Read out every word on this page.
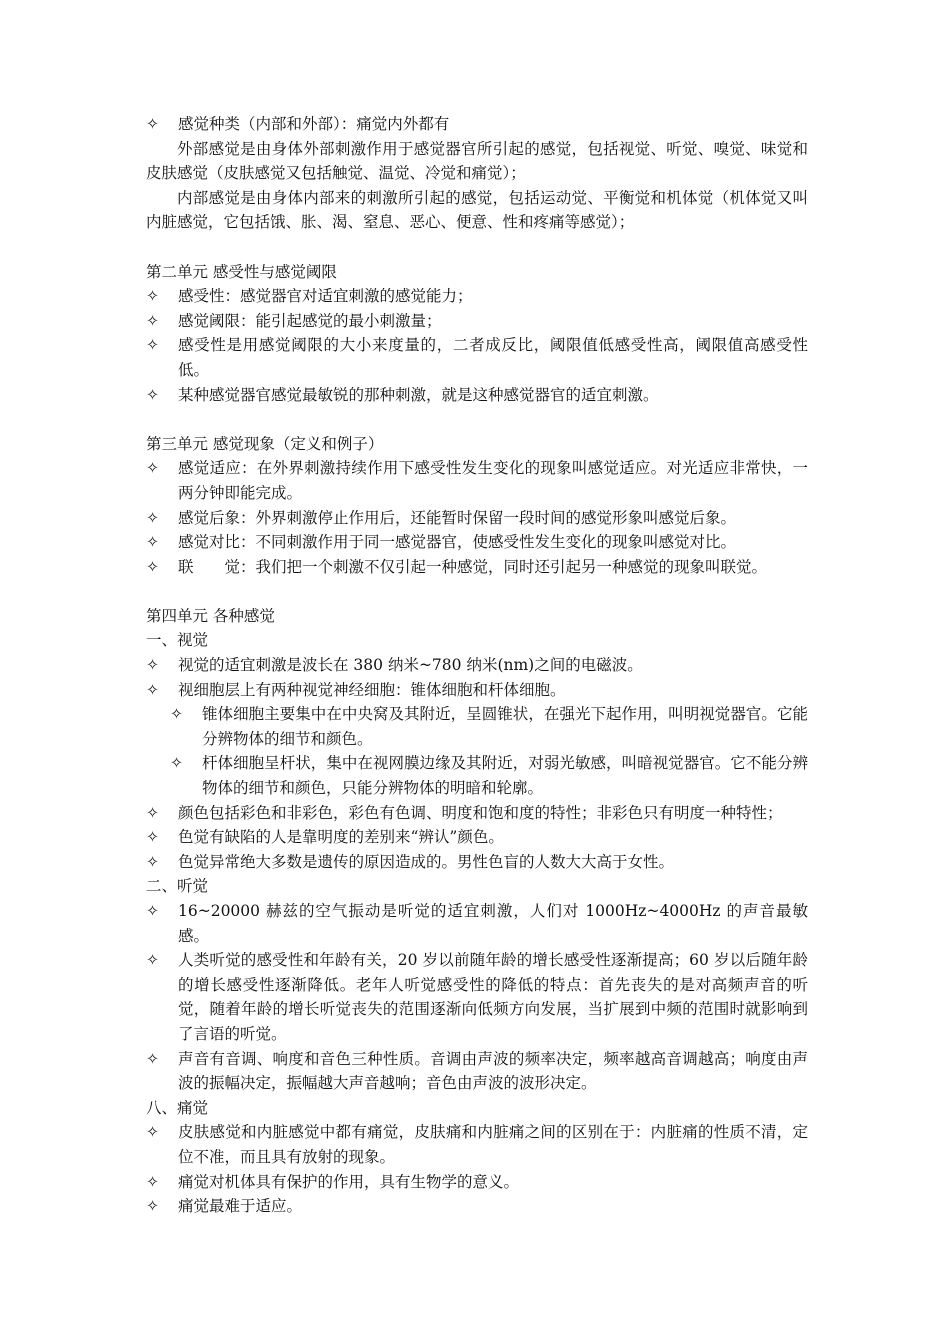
✧	感觉种类（内部和外部）：痛觉内外都有
外部感觉是由身体外部刺激作用于感觉器官所引起的感觉，包括视觉、听觉、嗅觉、味觉和皮肤感觉（皮肤感觉又包括触觉、温觉、冷觉和痛觉）；
内部感觉是由身体内部来的刺激所引起的感觉，包括运动觉、平衡觉和机体觉（机体觉又叫内脏感觉，它包括饿、胀、渴、窒息、恶心、便意、性和疼痛等感觉）；
第二单元 感受性与感觉阈限
✧	感受性：感觉器官对适宜刺激的感觉能力；
✧	感觉阈限：能引起感觉的最小刺激量；
✧	感受性是用感觉阈限的大小来度量的，二者成反比，阈限值低感受性高，阈限值高感受性低。
✧	某种感觉器官感觉最敏锐的那种刺激，就是这种感觉器官的适宜刺激。
第三单元 感觉现象（定义和例子）
✧	感觉适应：在外界刺激持续作用下感受性发生变化的现象叫感觉适应。对光适应非常快，一两分钟即能完成。
✧	感觉后象：外界刺激停止作用后，还能暂时保留一段时间的感觉形象叫感觉后象。
✧	感觉对比：不同刺激作用于同一感觉器官，使感受性发生变化的现象叫感觉对比。
✧	联　　觉：我们把一个刺激不仅引起一种感觉，同时还引起另一种感觉的现象叫联觉。
第四单元 各种感觉
一、视觉
✧	视觉的适宜刺激是波长在 380 纳米~780 纳米(nm)之间的电磁波。
✧	视细胞层上有两种视觉神经细胞：锥体细胞和杆体细胞。
✧	锥体细胞主要集中在中央窝及其附近，呈圆锥状，在强光下起作用，叫明视觉器官。它能分辨物体的细节和颜色。
✧	杆体细胞呈杆状，集中在视网膜边缘及其附近，对弱光敏感，叫暗视觉器官。它不能分辨物体的细节和颜色，只能分辨物体的明暗和轮廓。
✧	颜色包括彩色和非彩色，彩色有色调、明度和饱和度的特性；非彩色只有明度一种特性；
✧	色觉有缺陷的人是靠明度的差别来“辨认”颜色。
✧	色觉异常绝大多数是遗传的原因造成的。男性色盲的人数大大高于女性。
二、听觉
✧	16~20000 赫兹的空气振动是听觉的适宜刺激，人们对 1000Hz~4000Hz 的声音最敏感。
✧	人类听觉的感受性和年龄有关，20 岁以前随年龄的增长感受性逐渐提高；60 岁以后随年龄的增长感受性逐渐降低。老年人听觉感受性的降低的特点：首先丧失的是对高频声音的听觉，随着年龄的增长听觉丧失的范围逐渐向低频方向发展，当扩展到中频的范围时就影响到了言语的听觉。
✧	声音有音调、响度和音色三种性质。音调由声波的频率决定，频率越高音调越高；响度由声波的振幅决定，振幅越大声音越响；音色由声波的波形决定。
八、痛觉
✧	皮肤感觉和内脏感觉中都有痛觉，皮肤痛和内脏痛之间的区别在于：内脏痛的性质不清，定位不准，而且具有放射的现象。
✧	痛觉对机体具有保护的作用，具有生物学的意义。
✧	痛觉最难于适应。
